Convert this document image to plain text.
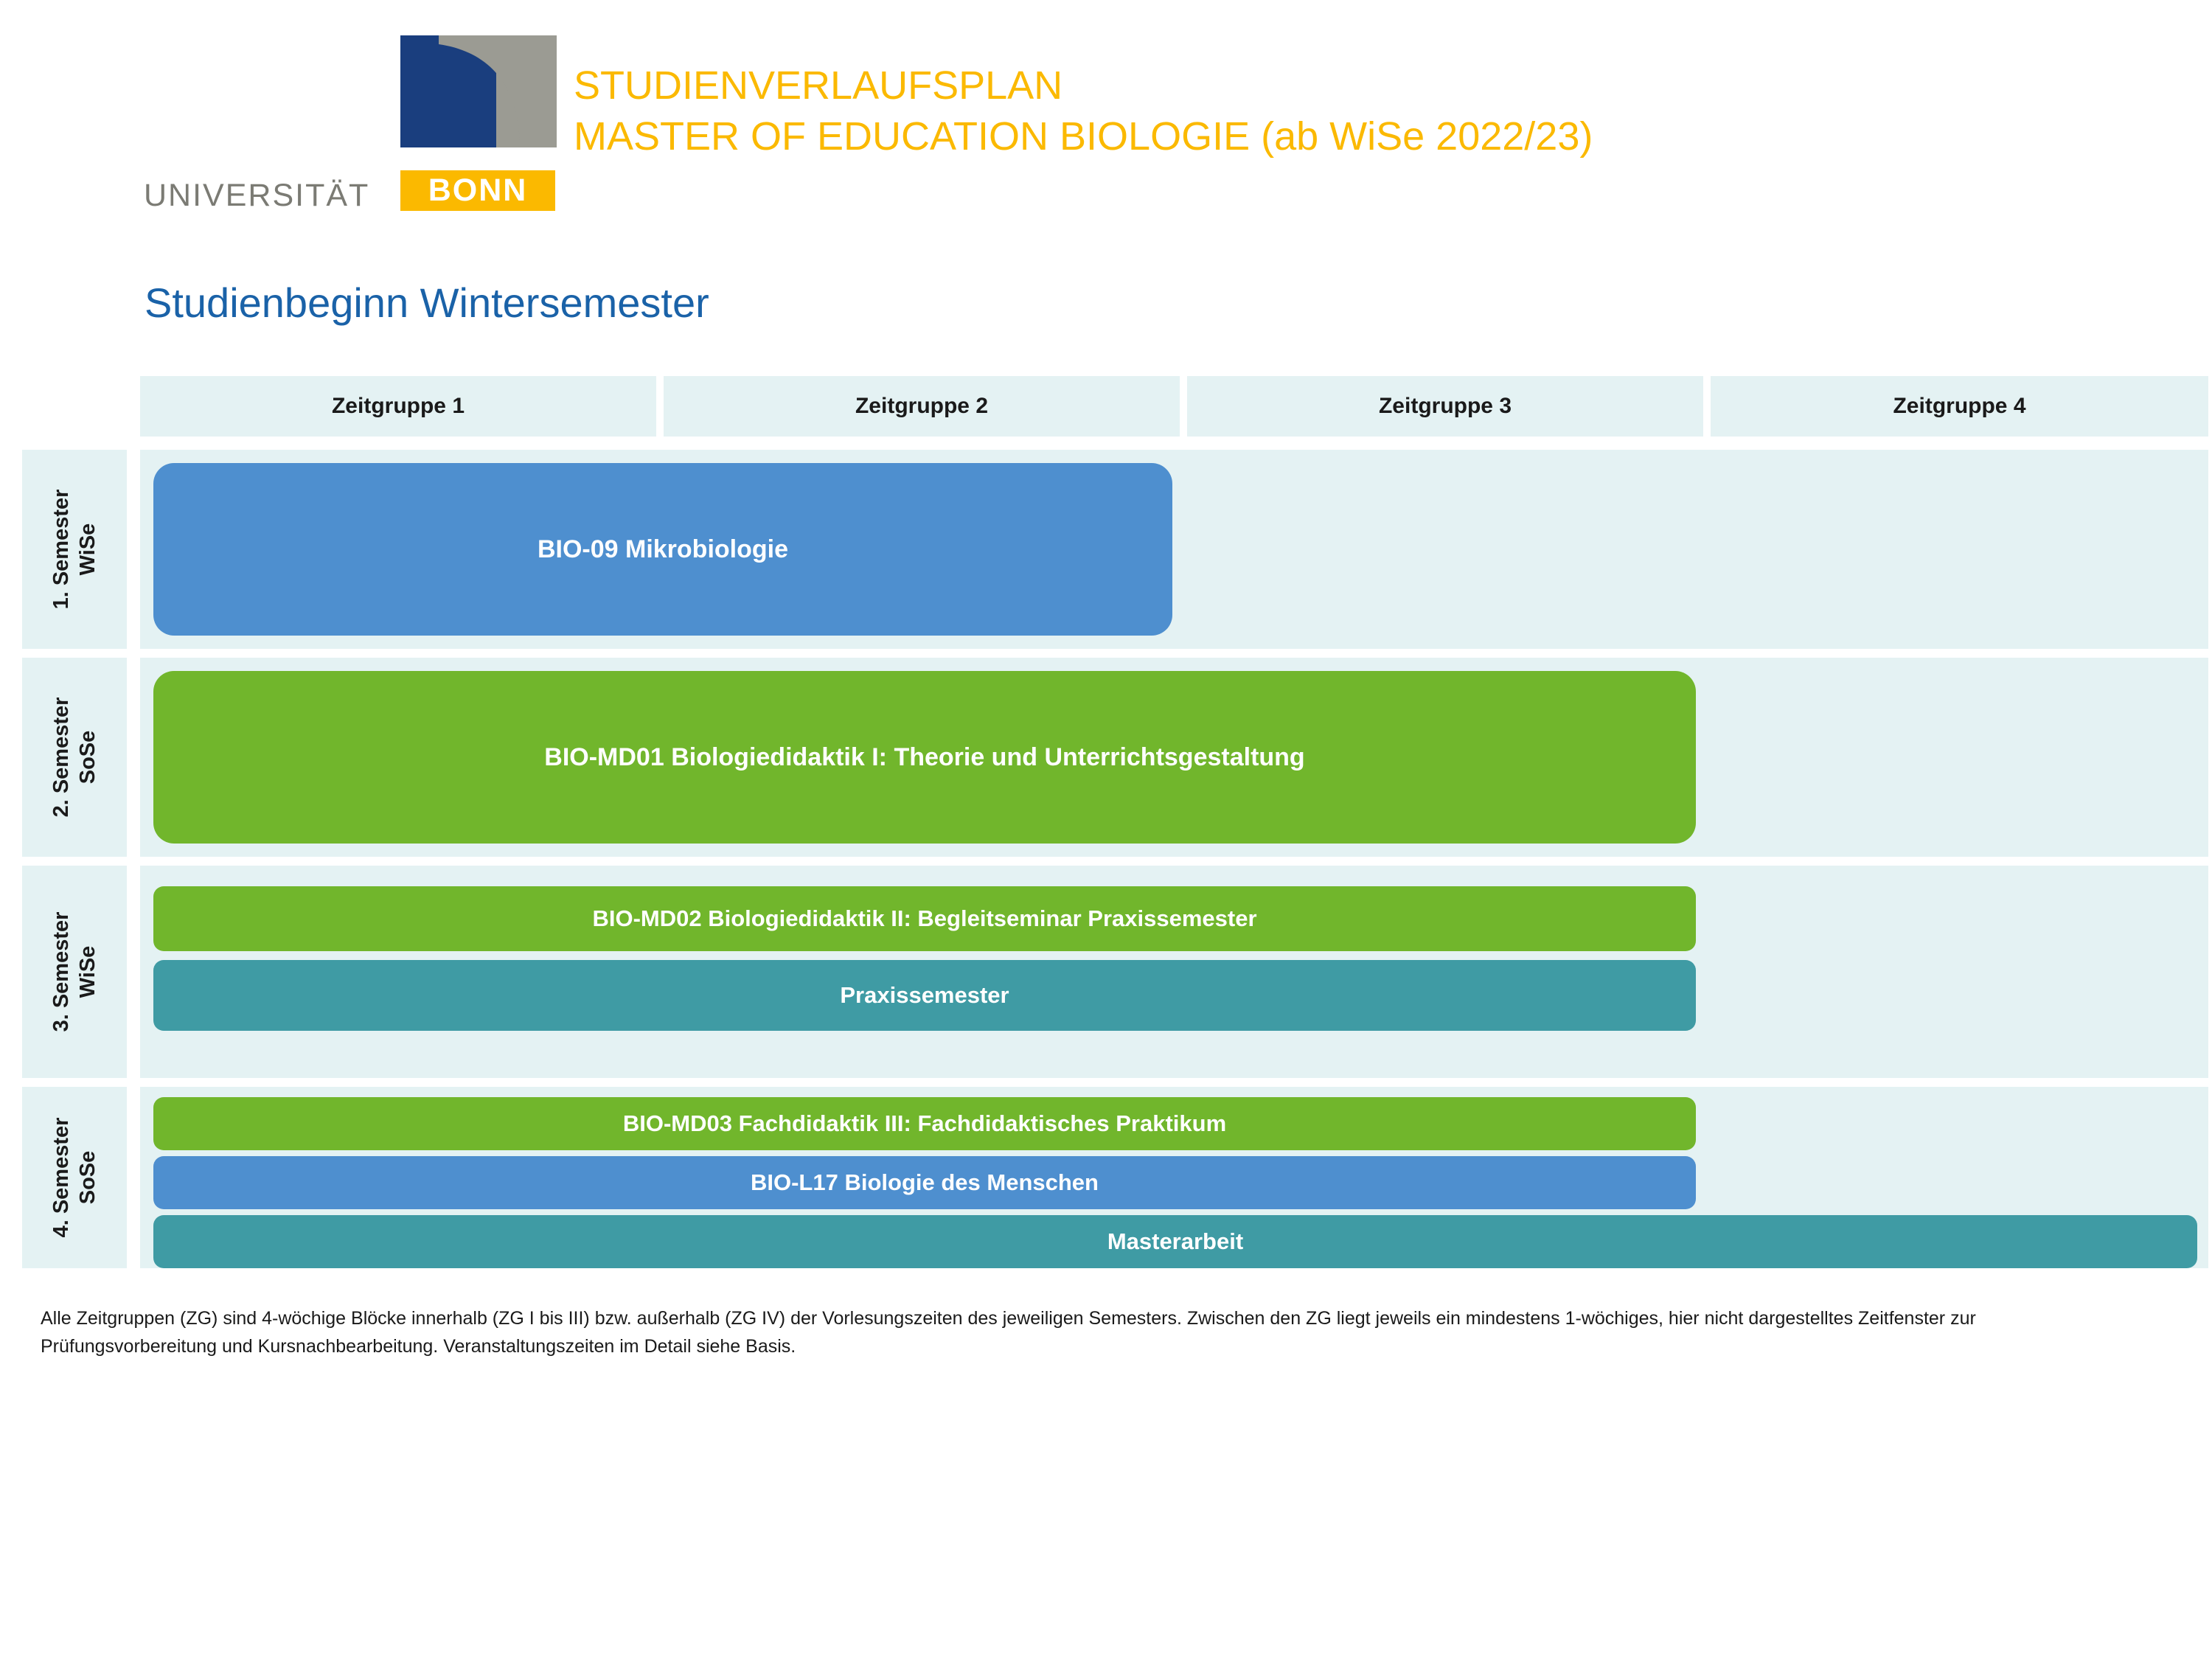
UNIVERSITÄT	BONN
STUDIENVERLAUFSPLAN
MASTER OF EDUCATION BIOLOGIE (ab WiSe 2022/23)
Studienbeginn Wintersemester
Zeitgruppe 1	Zeitgruppe 2	Zeitgruppe 3	Zeitgruppe 4
1. Semester WiSe	BIO-09 Mikrobiologie
2. Semester SoSe	BIO-MD01 Biologiedidaktik I: Theorie und Unterrichtsgestaltung
3. Semester WiSe
BIO-MD02 Biologiedidaktik II: Begleitseminar Praxissemester
Praxissemester
4. Semester SoSe
BIO-MD03 Fachdidaktik III: Fachdidaktisches Praktikum
BIO-L17 Biologie des Menschen
Masterarbeit
Alle Zeitgruppen (ZG) sind 4-wöchige Blöcke innerhalb (ZG I bis III) bzw. außerhalb (ZG IV) der Vorlesungszeiten des jeweiligen Semesters. Zwischen den ZG liegt jeweils ein mindestens 1-wöchiges, hier nicht dargestelltes Zeitfenster zur Prüfungsvorbereitung und Kursnachbearbeitung. Veranstaltungszeiten im Detail siehe Basis.
